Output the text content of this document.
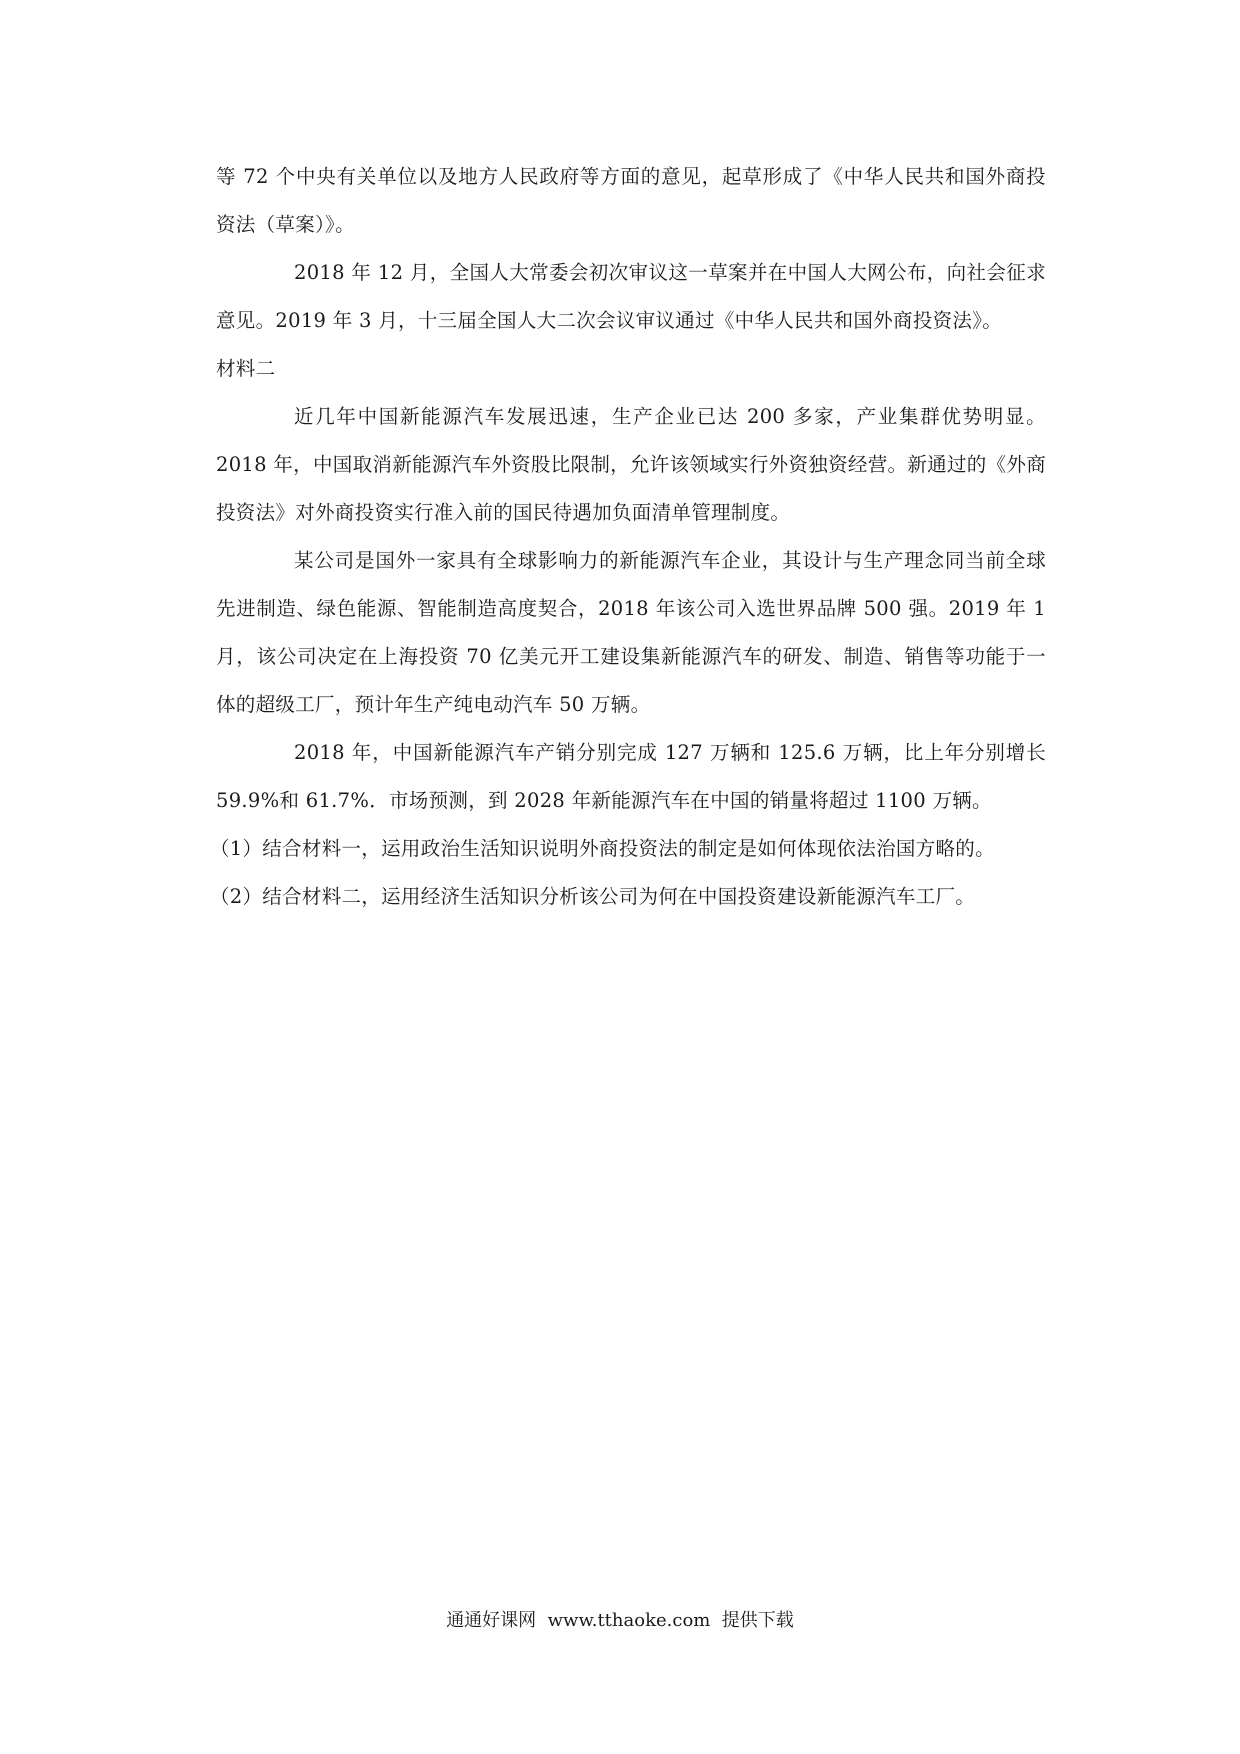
等 72 个中央有关单位以及地方人民政府等方面的意见，起草形成了《中华人民共和国外商投资法（草案）》。

2018 年 12 月，全国人大常委会初次审议这一草案并在中国人大网公布，向社会征求意见。2019 年 3 月，十三届全国人大二次会议审议通过《中华人民共和国外商投资法》。

材料二

近几年中国新能源汽车发展迅速，生产企业已达 200 多家，产业集群优势明显。2018 年，中国取消新能源汽车外资股比限制，允许该领域实行外资独资经营。新通过的《外商投资法》对外商投资实行准入前的国民待遇加负面清单管理制度。

某公司是国外一家具有全球影响力的新能源汽车企业，其设计与生产理念同当前全球先进制造、绿色能源、智能制造高度契合，2018 年该公司入选世界品牌 500 强。2019 年 1 月，该公司决定在上海投资 70 亿美元开工建设集新能源汽车的研发、制造、销售等功能于一体的超级工厂，预计年生产纯电动汽车 50 万辆。

2018 年，中国新能源汽车产销分别完成 127 万辆和 125.6 万辆，比上年分别增长 59.9%和 61.7%．市场预测，到 2028 年新能源汽车在中国的销量将超过 1100 万辆。

（1）结合材料一，运用政治生活知识说明外商投资法的制定是如何体现依法治国方略的。

（2）结合材料二，运用经济生活知识分析该公司为何在中国投资建设新能源汽车工厂。

通通好课网 www.tthaoke.com 提供下载
